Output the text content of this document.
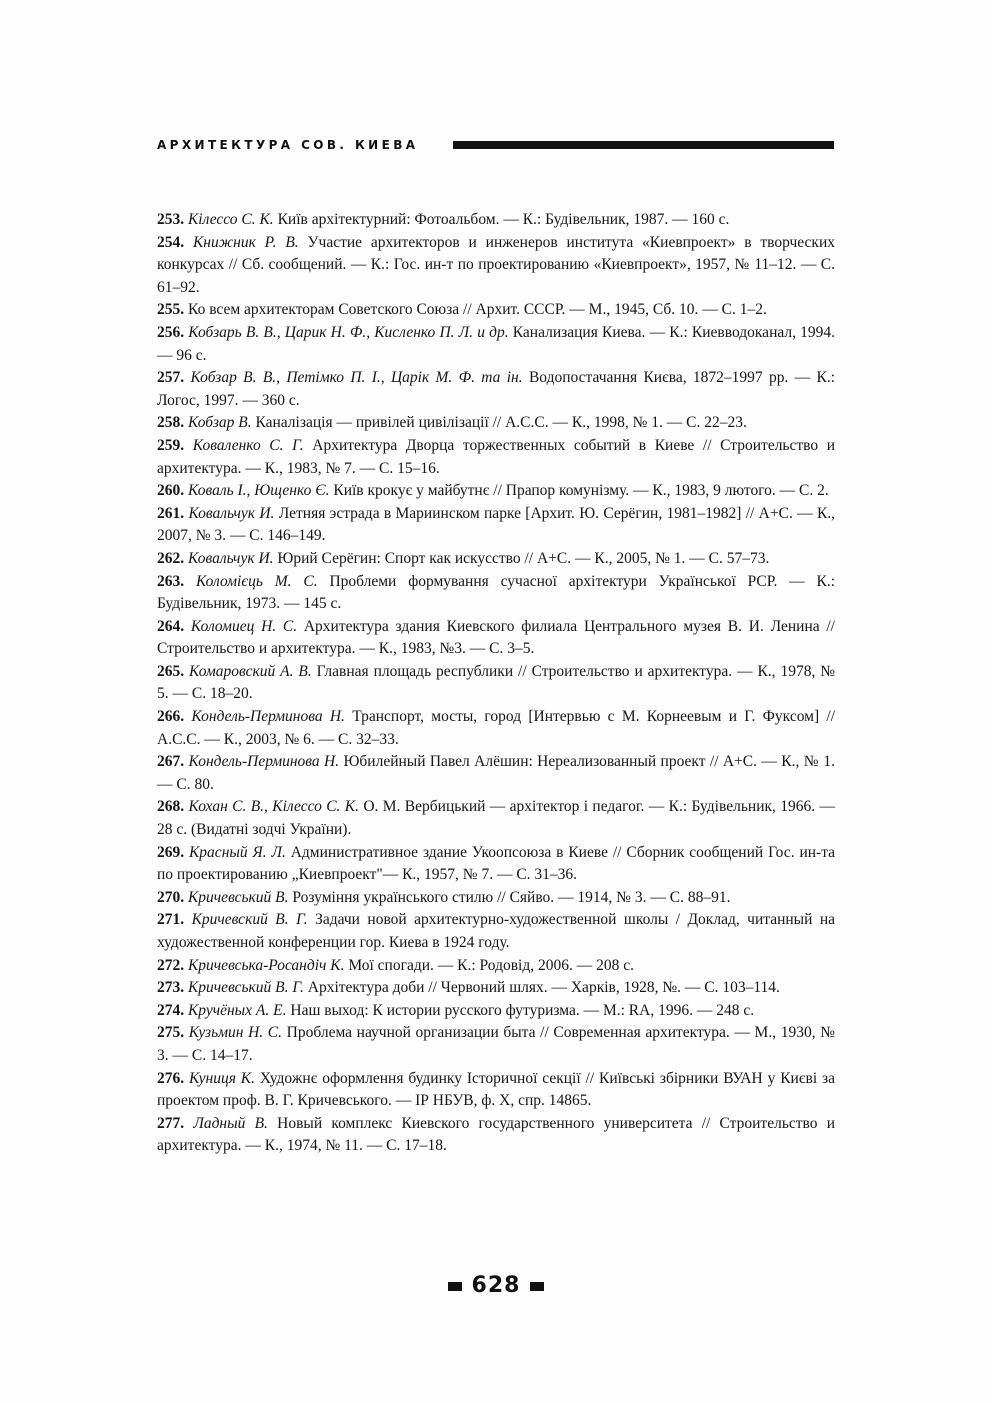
АРХИТЕКТУРА СОВ. КИЕВА
253. Кілессо С. К. Київ архітектурний: Фотоальбом. — К.: Будівельник, 1987. — 160 с.
254. Книжник Р. В. Участие архитекторов и инженеров института «Киевпроект» в творческих конкурсах // Сб. сообщений. — К.: Гос. ин-т по проектированию «Киевпроект», 1957, № 11–12. — С. 61–92.
255. Ко всем архитекторам Советского Союза // Архит. СССР. — М., 1945, Сб. 10. — С. 1–2.
256. Кобзарь В. В., Царик Н. Ф., Кисленко П. Л. и др. Канализация Киева. — К.: Киевводоканал, 1994. — 96 с.
257. Кобзар В. В., Петімко П. І., Царік М. Ф. та ін. Водопостачання Києва, 1872–1997 рр. — К.: Логос, 1997. — 360 с.
258. Кобзар В. Каналізація — привілей цивілізації // А.С.С. — К., 1998, № 1. — С. 22–23.
259. Коваленко С. Г. Архитектура Дворца торжественных событий в Киеве // Строительство и архитектура. — К., 1983, № 7. — С. 15–16.
260. Коваль І., Ющенко Є. Київ крокує у майбутнє // Прапор комунізму. — К., 1983, 9 лютого. — С. 2.
261. Ковальчук И. Летняя эстрада в Мариинском парке [Архит. Ю. Серёгин, 1981–1982] // А+С. — К., 2007, № 3. — С. 146–149.
262. Ковальчук И. Юрий Серёгин: Спорт как искусство // А+С. — К., 2005, № 1. — С. 57–73.
263. Коломієць М. С. Проблеми формування сучасної архітектури Української РСР. — К.: Будівельник, 1973. — 145 с.
264. Коломиец Н. С. Архитектура здания Киевского филиала Центрального музея В. И. Ленина // Строительство и архитектура. — К., 1983, №3. — С. 3–5.
265. Комаровский А. В. Главная площадь республики // Строительство и архитектура. — К., 1978, № 5. — С. 18–20.
266. Кондель-Перминова Н. Транспорт, мосты, город [Интервью с М. Корнеевым и Г. Фуксом] // А.С.С. — К., 2003, № 6. — С. 32–33.
267. Кондель-Перминова Н. Юбилейный Павел Алёшин: Нереализованный проект // А+С. — К., № 1. — С. 80.
268. Кохан С. В., Кілессо С. К. О. М. Вербицький — архітектор і педагог. — К.: Будівельник, 1966. — 28 с. (Видатні зодчі України).
269. Красный Я. Л. Административное здание Укоопсоюза в Киеве // Сборник сообщений Гос. ин-та по проектированию „Киевпроект"— К., 1957, № 7. — С. 31–36.
270. Кричевський В. Розуміння українського стилю // Сяйво. — 1914, № 3. — С. 88–91.
271. Кричевский В. Г. Задачи новой архитектурно-художественной школы / Доклад, читанный на художественной конференции гор. Киева в 1924 году.
272. Кричевська-Росандіч К. Мої спогади. — К.: Родовід, 2006. — 208 с.
273. Кричевський В. Г. Архітектура доби // Червоний шлях. — Харків, 1928, №. — С. 103–114.
274. Кручёных А. Е. Наш выход: К истории русского футуризма. — М.: RA, 1996. — 248 с.
275. Кузьмин Н. С. Проблема научной организации быта // Современная архитектура. — М., 1930, № 3. — С. 14–17.
276. Куниця К. Художнє оформлення будинку Історичної секції // Київські збірники ВУАН у Києві за проектом проф. В. Г. Кричевського. — ІР НБУВ, ф. Х, спр. 14865.
277. Ладный В. Новый комплекс Киевского государственного университета // Строительство и архитектура. — К., 1974, № 11. — С. 17–18.
628
